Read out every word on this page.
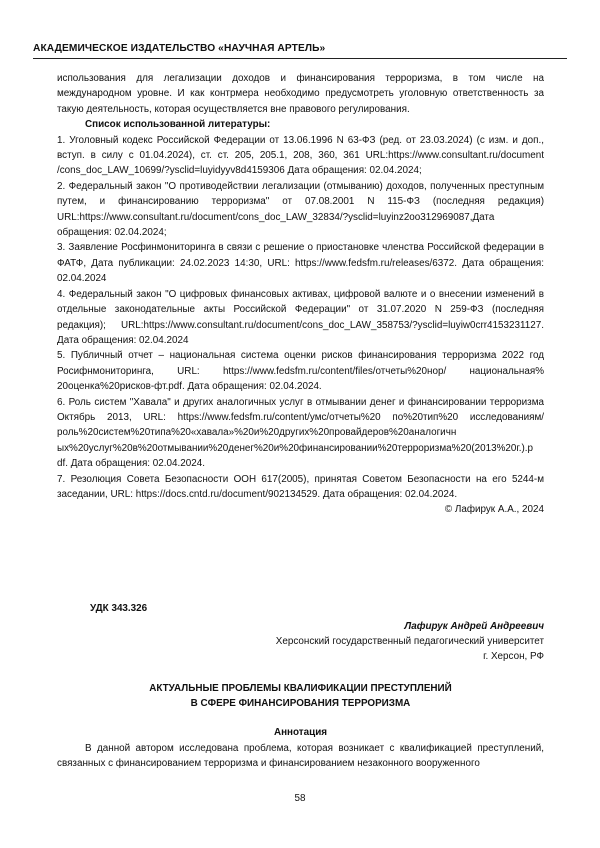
АКАДЕМИЧЕСКОЕ ИЗДАТЕЛЬСТВО «НАУЧНАЯ АРТЕЛЬ»

использования для легализации доходов и финансирования терроризма, в том числе на международном уровне. И как контрмера необходимо предусмотреть уголовную ответственность за такую деятельность, которая осуществляется вне правового регулирования.

Список использованной литературы:

1. Уголовный кодекс Российской Федерации от 13.06.1996 N 63-ФЗ (ред. от 23.03.2024) (с изм. и доп., вступ. в силу с 01.04.2024), ст. ст. 205, 205.1, 208, 360, 361 URL:https://www.consultant.ru/document /cons_doc_LAW_10699/?ysclid=luyidyyv8d4159306 Дата обращения: 02.04.2024;

2. Федеральный закон "О противодействии легализации (отмыванию) доходов, полученных преступным путем, и финансированию терроризма" от 07.08.2001 N 115-ФЗ (последняя редакция) URL:https://www.consultant.ru/document/cons_doc_LAW_32834/?ysclid=luyinz2oo312969087,Дата обращения: 02.04.2024;

3. Заявление Росфинмониторинга в связи с решение о приостановке членства Российской федерации в ФАТФ, Дата публикации: 24.02.2023 14:30, URL: https://www.fedsfm.ru/releases/6372. Дата обращения: 02.04.2024

4. Федеральный закон "О цифровых финансовых активах, цифровой валюте и о внесении изменений в отдельные законодательные акты Российской Федерации" от 31.07.2020 N 259-ФЗ (последняя редакция); URL:https://www.consultant.ru/document/cons_doc_LAW_358753/?ysclid=luyiw0crr4153231127. Дата обращения: 02.04.2024

5. Публичный отчет – национальная система оценки рисков финансирования терроризма 2022 год Росифнмониторинга, URL: https://www.fedsfm.ru/content/files/отчеты%20нор/ национальная% 20оценка%20рисков-фт.pdf. Дата обращения: 02.04.2024.

6. Роль систем "Хавала" и других аналогичных услуг в отмывании денег и финансировании терроризма Октябрь 2013, URL: https://www.fedsfm.ru/content/умс/отчеты%20 по%20тип%20 исследованиям/роль%20систем%20типа%20«хавала»%20и%20других%20провайдеров%20аналогичн ых%20услуг%20в%20отмывании%20денег%20и%20финансировании%20терроризма%20(2013%20г.).p df. Дата обращения: 02.04.2024.

7. Резолюция Совета Безопасности ООН 617(2005), принятая Советом Безопасности на его 5244-м заседании, URL: https://docs.cntd.ru/document/902134529. Дата обращения: 02.04.2024.

© Лафирук А.А., 2024

УДК 343.326
Лафирук Андрей Андреевич
Херсонский государственный педагогический университет
г. Херсон, РФ
АКТУАЛЬНЫЕ ПРОБЛЕМЫ КВАЛИФИКАЦИИ ПРЕСТУПЛЕНИЙ
В СФЕРЕ ФИНАНСИРОВАНИЯ ТЕРРОРИЗМА
Аннотация
В данной автором исследована проблема, которая возникает с квалификацией преступлений, связанных с финансированием терроризма и финансированием незаконного вооруженного
58
